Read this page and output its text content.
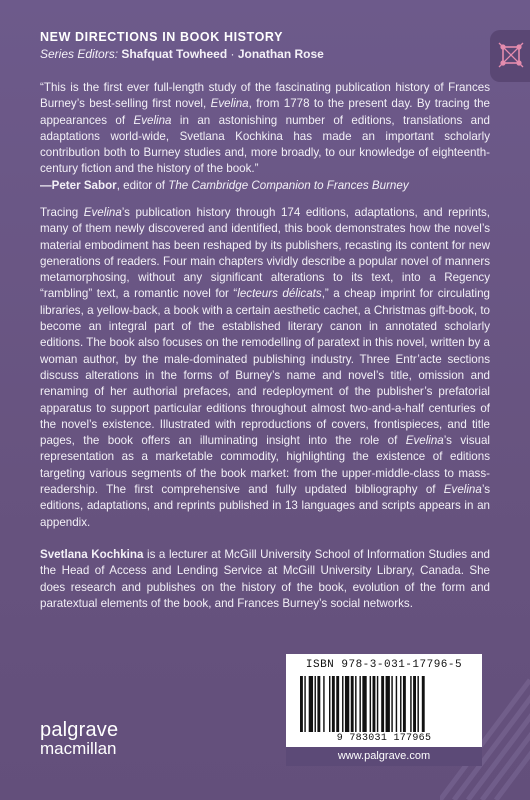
NEW DIRECTIONS IN BOOK HISTORY
Series Editors: Shafquat Towheed · Jonathan Rose
“This is the first ever full-length study of the fascinating publication history of Frances Burney’s best-selling first novel, Evelina, from 1778 to the present day. By tracing the appearances of Evelina in an astonishing number of editions, translations and adaptations world-wide, Svetlana Kochkina has made an important scholarly contribution both to Burney studies and, more broadly, to our knowledge of eighteenth-century fiction and the history of the book.”
—Peter Sabor, editor of The Cambridge Companion to Frances Burney
Tracing Evelina’s publication history through 174 editions, adaptations, and reprints, many of them newly discovered and identified, this book demonstrates how the novel’s material embodiment has been reshaped by its publishers, recasting its content for new generations of readers. Four main chapters vividly describe a popular novel of manners metamorphosing, without any significant alterations to its text, into a Regency “rambling” text, a romantic novel for “lecteurs délicats,” a cheap imprint for circulating libraries, a yellow-back, a book with a certain aesthetic cachet, a Christmas gift-book, to become an integral part of the established literary canon in annotated scholarly editions. The book also focuses on the remodelling of paratext in this novel, written by a woman author, by the male-dominated publishing industry. Three Entr’acte sections discuss alterations in the forms of Burney’s name and novel’s title, omission and renaming of her authorial prefaces, and redeployment of the publisher’s prefatorial apparatus to support particular editions throughout almost two-and-a-half centuries of the novel’s existence. Illustrated with reproductions of covers, frontispieces, and title pages, the book offers an illuminating insight into the role of Evelina’s visual representation as a marketable commodity, highlighting the existence of editions targeting various segments of the book market: from the upper-middle-class to mass-readership. The first comprehensive and fully updated bibliography of Evelina’s editions, adaptations, and reprints published in 13 languages and scripts appears in an appendix.
Svetlana Kochkina is a lecturer at McGill University School of Information Studies and the Head of Access and Lending Service at McGill University Library, Canada. She does research and publishes on the history of the book, evolution of the form and paratextual elements of the book, and Frances Burney’s social networks.
ISBN 978-3-031-17796-5
9 783031 177965
www.palgrave.com
palgrave
macmillan
